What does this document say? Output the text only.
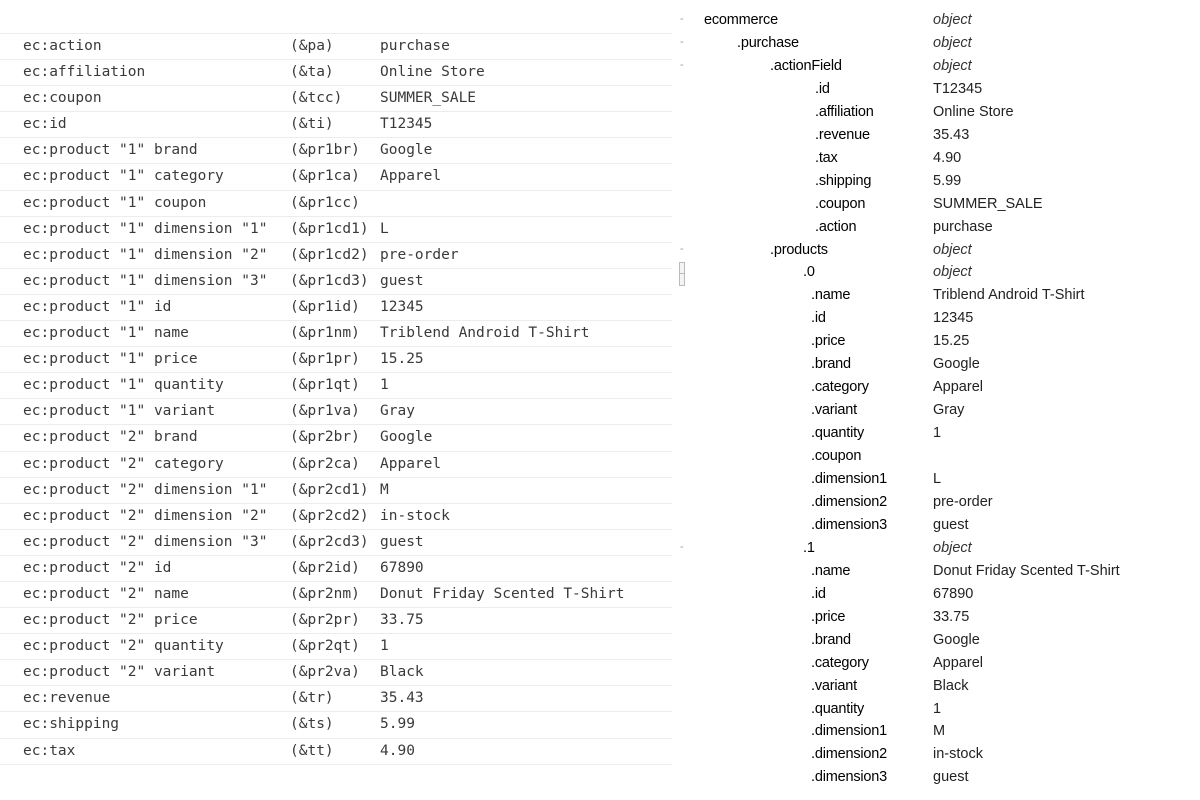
ec:action	(&pa)	purchase
ec:affiliation	(&ta)	Online Store
ec:coupon	(&tcc)	SUMMER_SALE
ec:id	(&ti)	T12345
ec:product "1" brand	(&pr1br) Google
ec:product "1" category	(&pr1ca) Apparel
ec:product "1" coupon	(&pr1cc)
ec:product "1" dimension "1" (&pr1cd1) L
ec:product "1" dimension "2" (&pr1cd2) pre-order
ec:product "1" dimension "3" (&pr1cd3) guest
ec:product "1" id	(&pr1id) 12345
ec:product "1" name	(&pr1nm) Triblend Android T-Shirt
ec:product "1" price	(&pr1pr) 15.25
ec:product "1" quantity	(&pr1qt) 1
ec:product "1" variant	(&pr1va) Gray
ec:product "2" brand	(&pr2br) Google
ec:product "2" category	(&pr2ca) Apparel
ec:product "2" dimension "1" (&pr2cd1) M
ec:product "2" dimension "2" (&pr2cd2) in-stock
ec:product "2" dimension "3" (&pr2cd3) guest
ec:product "2" id	(&pr2id) 67890
ec:product "2" name	(&pr2nm) Donut Friday Scented T-Shirt
ec:product "2" price	(&pr2pr) 33.75
ec:product "2" quantity	(&pr2qt) 1
ec:product "2" variant	(&pr2va) Black
ec:revenue	(&tr)	35.43
ec:shipping	(&ts)	5.99
ec:tax	(&tt)	4.90
- ecommerce	object
-	.purchase	object
-	.actionField	object
.id	T12345
.affiliation	Online Store
.revenue	35.43
.tax	4.90
.shipping	5.99
.coupon	SUMMER_SALE
.action	purchase
-	.products	object
.0	object
.name	Triblend Android T-Shirt
.id	12345
.price	15.25
.brand	Google
.category	Apparel
.variant	Gray
.quantity	1
.coupon
.dimension1	L
.dimension2	pre-order
.dimension3	guest
-	.1	object
.name	Donut Friday Scented T-Shirt
.id	67890
.price	33.75
.brand	Google
.category	Apparel
.variant	Black
.quantity	1
.dimension1	M
.dimension2	in-stock
.dimension3	guest
